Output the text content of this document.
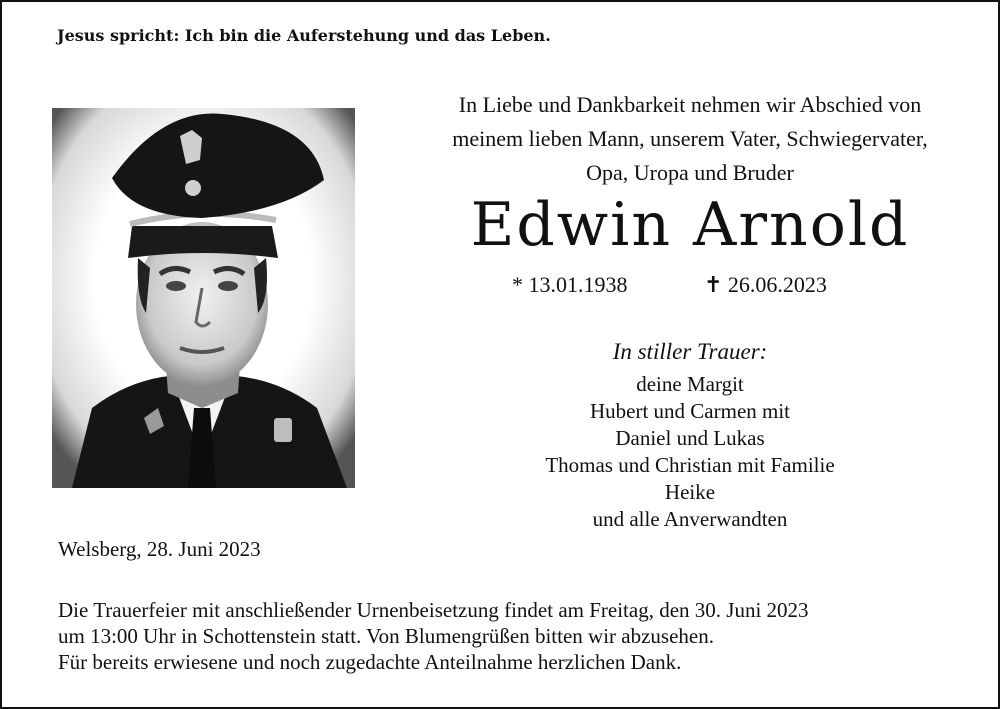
Jesus spricht: Ich bin die Auferstehung und das Leben.
In Liebe und Dankbarkeit nehmen wir Abschied von
meinem lieben Mann, unserem Vater, Schwiegervater,
Opa, Uropa und Bruder
Edwin Arnold
* 13.01.1938	✝ 26.06.2023
In stiller Trauer:
deine Margit
Hubert und Carmen mit
Daniel und Lukas
Thomas und Christian mit Familie
Heike
und alle Anverwandten
Welsberg, 28. Juni 2023
Die Trauerfeier mit anschließender Urnenbeisetzung findet am Freitag, den 30. Juni 2023
um 13:00 Uhr in Schottenstein statt. Von Blumengrüßen bitten wir abzusehen.
Für bereits erwiesene und noch zugedachte Anteilnahme herzlichen Dank.
